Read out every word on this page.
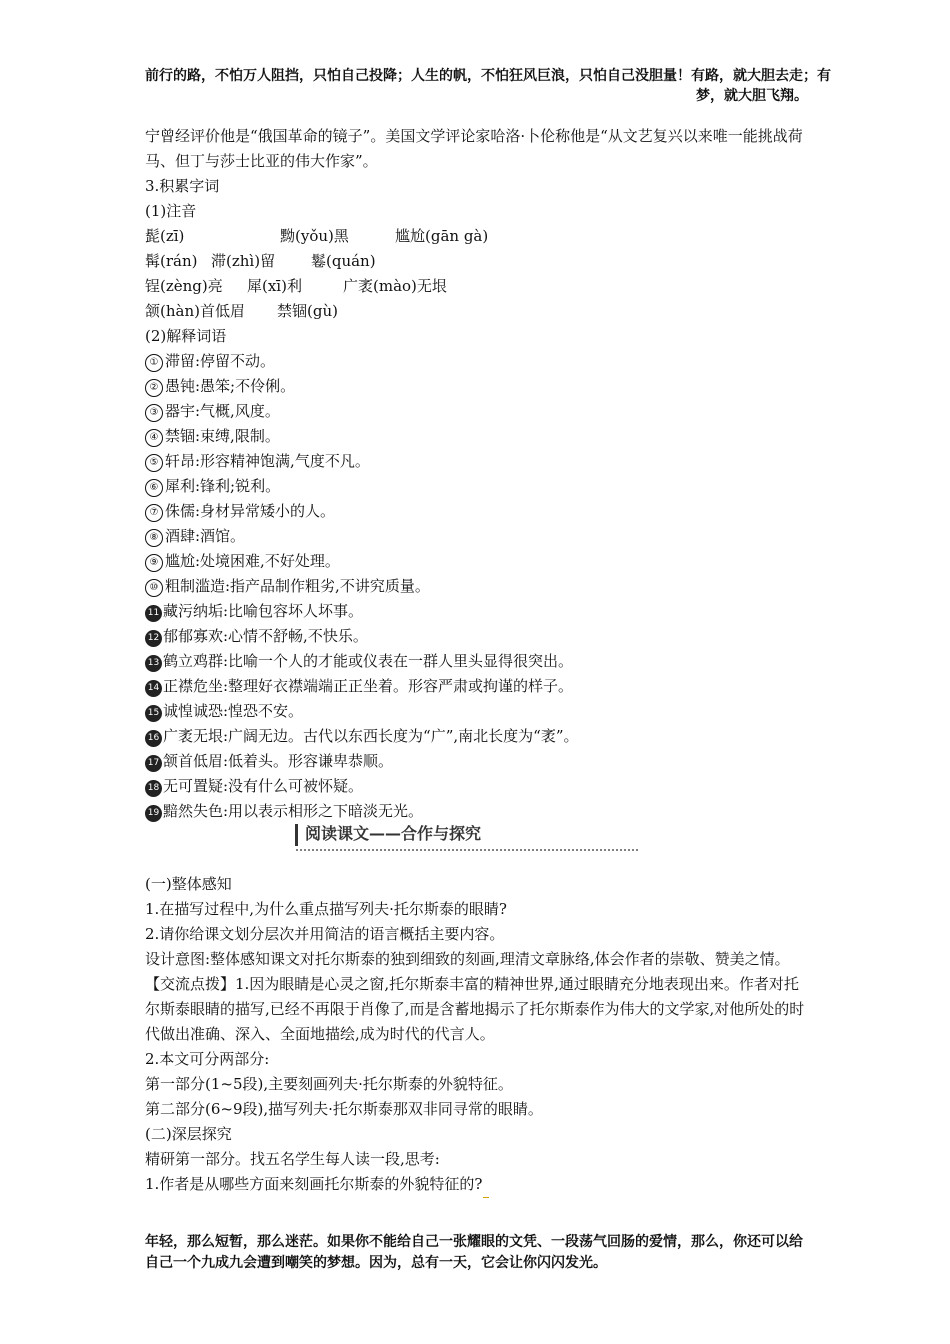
前行的路，不怕万人阻挡，只怕自己投降；人生的帆，不怕狂风巨浪，只怕自己没胆量！有路，就大胆去走；有
梦，就大胆飞翔。

宁曾经评价他是“俄国革命的镜子”。美国文学评论家哈洛·卜伦称他是“从文艺复兴以来唯一能挑战荷马、但丁与莎士比亚的伟大作家”。

3.积累字词
(1)注音
髭(zī)	黝(yǒu)黑	尴尬(gān gà)
髯(rán) 滞(zhì)留 鬈(quán)
锃(zèng)亮 犀(xī)利	广袤(mào)无垠
颔(hàn)首低眉 禁锢(gù)
(2)解释词语
① 滞留:停留不动。
② 愚钝:愚笨;不伶俐。
③ 器宇:气概,风度。
④ 禁锢:束缚,限制。
⑤ 轩昂:形容精神饱满,气度不凡。
⑥ 犀利:锋利;锐利。
⑦ 侏儒:身材异常矮小的人。
⑧ 酒肆:酒馆。
⑨ 尴尬:处境困难,不好处理。
⑩ 粗制滥造:指产品制作粗劣,不讲究质量。
11 藏污纳垢:比喻包容坏人坏事。
12 郁郁寡欢:心情不舒畅,不快乐。
13 鹤立鸡群:比喻一个人的才能或仪表在一群人里头显得很突出。
14 正襟危坐:整理好衣襟端端正正坐着。形容严肃或拘谨的样子。
15 诚惶诚恐:惶恐不安。
16 广袤无垠:广阔无边。古代以东西长度为“广”,南北长度为“袤”。
17 颔首低眉:低着头。形容谦卑恭顺。
18 无可置疑:没有什么可被怀疑。
19 黯然失色:用以表示相形之下暗淡无光。
阅读课文——合作与探究
(一)整体感知
1.在描写过程中,为什么重点描写列夫·托尔斯泰的眼睛?
2.请你给课文划分层次并用简洁的语言概括主要内容。

设计意图:整体感知课文对托尔斯泰的独到细致的刻画,理清文章脉络,体会作者的崇敬、赞美之情。

【交流点拨】1.因为眼睛是心灵之窗,托尔斯泰丰富的精神世界,通过眼睛充分地表现出来。作者对托尔斯泰眼睛的描写,已经不再限于肖像了,而是含蓄地揭示了托尔斯泰作为伟大的文学家,对他所处的时代做出准确、深入、全面地描绘,成为时代的代言人。

2.本文可分两部分:
第一部分(1~5段),主要刻画列夫·托尔斯泰的外貌特征。
第二部分(6~9段),描写列夫·托尔斯泰那双非同寻常的眼睛。
(二)深层探究
精研第一部分。找五名学生每人读一段,思考:
1.作者是从哪些方面来刻画托尔斯泰的外貌特征的?
年轻，那么短暂，那么迷茫。如果你不能给自己一张耀眼的文凭、一段荡气回肠的爱情，那么，你还可以给自己一个九成九会遭到嘲笑的梦想。因为，总有一天，它会让你闪闪发光。
